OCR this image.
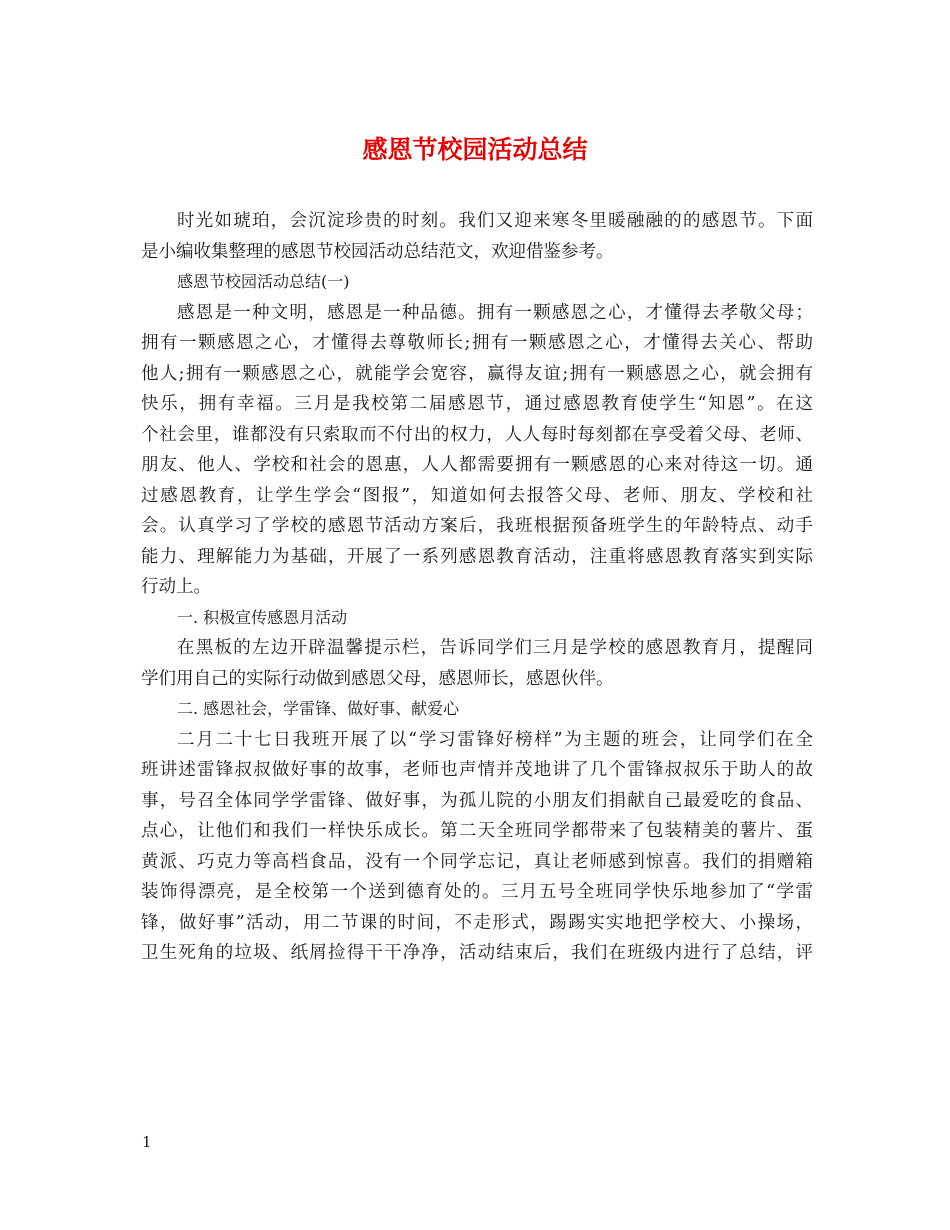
感恩节校园活动总结
时光如琥珀，会沉淀珍贵的时刻。我们又迎来寒冬里暖融融的的感恩节。下面
是小编收集整理的感恩节校园活动总结范文，欢迎借鉴参考。
感恩节校园活动总结(一)
感恩是一种文明，感恩是一种品德。拥有一颗感恩之心，才懂得去孝敬父母；
拥有一颗感恩之心，才懂得去尊敬师长;拥有一颗感恩之心，才懂得去关心、帮助
他人;拥有一颗感恩之心，就能学会宽容，赢得友谊;拥有一颗感恩之心，就会拥有
快乐，拥有幸福。三月是我校第二届感恩节，通过感恩教育使学生“知恩”。在这
个社会里，谁都没有只索取而不付出的权力，人人每时每刻都在享受着父母、老师、
朋友、他人、学校和社会的恩惠，人人都需要拥有一颗感恩的心来对待这一切。通
过感恩教育，让学生学会“图报”，知道如何去报答父母、老师、朋友、学校和社
会。认真学习了学校的感恩节活动方案后，我班根据预备班学生的年龄特点、动手
能力、理解能力为基础，开展了一系列感恩教育活动，注重将感恩教育落实到实际
行动上。
一. 积极宣传感恩月活动
在黑板的左边开辟温馨提示栏，告诉同学们三月是学校的感恩教育月，提醒同
学们用自己的实际行动做到感恩父母，感恩师长，感恩伙伴。
二. 感恩社会，学雷锋、做好事、献爱心
二月二十七日我班开展了以“学习雷锋好榜样”为主题的班会，让同学们在全
班讲述雷锋叔叔做好事的故事，老师也声情并茂地讲了几个雷锋叔叔乐于助人的故
事，号召全体同学学雷锋、做好事，为孤儿院的小朋友们捐献自己最爱吃的食品、
点心，让他们和我们一样快乐成长。第二天全班同学都带来了包装精美的薯片、蛋
黄派、巧克力等高档食品，没有一个同学忘记，真让老师感到惊喜。我们的捐赠箱
装饰得漂亮，是全校第一个送到德育处的。三月五号全班同学快乐地参加了“学雷
锋，做好事”活动，用二节课的时间，不走形式，踢踢实实地把学校大、小操场，
卫生死角的垃圾、纸屑捡得干干净净，活动结束后，我们在班级内进行了总结，评
1
